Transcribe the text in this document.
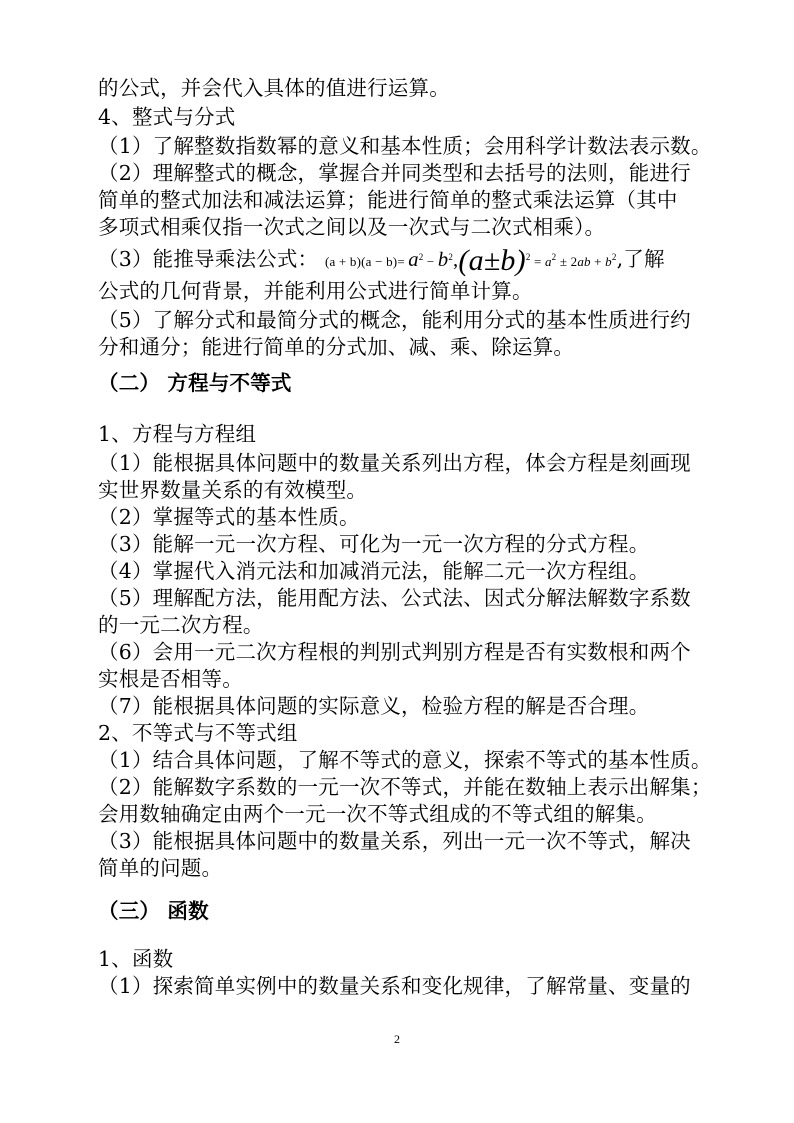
的公式，并会代入具体的值进行运算。
4、整式与分式
（1）了解整数指数幂的意义和基本性质；会用科学计数法表示数。
（2）理解整式的概念，掌握合并同类型和去括号的法则，能进行
简单的整式加法和减法运算；能进行简单的整式乘法运算（其中
多项式相乘仅指一次式之间以及一次式与二次式相乘）。
（3）能推导乘法公式： $(a + b)(a - b)= a^2 - b^2,(a\pm b)^2 = a^2 \pm 2ab + b^2$,了解
公式的几何背景，并能利用公式进行简单计算。
（5）了解分式和最简分式的概念，能利用分式的基本性质进行约
分和通分；能进行简单的分式加、减、乘、除运算。
（二） 方程与不等式
1、方程与方程组
（1）能根据具体问题中的数量关系列出方程，体会方程是刻画现
实世界数量关系的有效模型。
（2）掌握等式的基本性质。
（3）能解一元一次方程、可化为一元一次方程的分式方程。
（4）掌握代入消元法和加减消元法，能解二元一次方程组。
（5）理解配方法，能用配方法、公式法、因式分解法解数字系数
的一元二次方程。
（6）会用一元二次方程根的判别式判别方程是否有实数根和两个
实根是否相等。
（7）能根据具体问题的实际意义，检验方程的解是否合理。
2、不等式与不等式组
（1）结合具体问题，了解不等式的意义，探索不等式的基本性质。
（2）能解数字系数的一元一次不等式，并能在数轴上表示出解集；
会用数轴确定由两个一元一次不等式组成的不等式组的解集。
（3）能根据具体问题中的数量关系，列出一元一次不等式，解决
简单的问题。
（三） 函数
1、函数
（1）探索简单实例中的数量关系和变化规律，了解常量、变量的
2
